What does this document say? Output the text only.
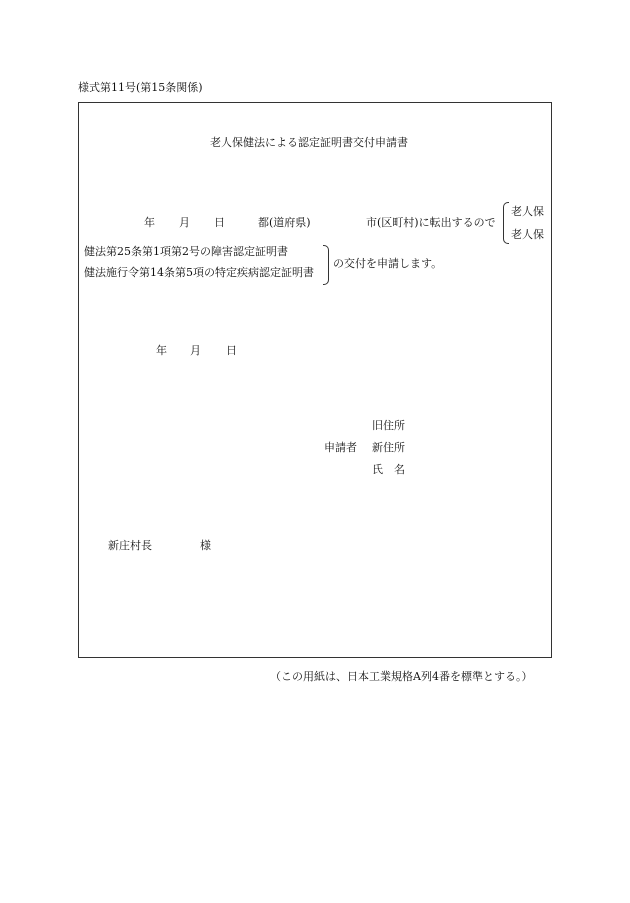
様式第11号(第15条関係)
老人保健法による認定証明書交付申請書
年 月 日	都(道府県)	市(区町村)に転出するので
老人保
老人保
健法第25条第1項第2号の障害認定証明書
健法施行令第14条第5項の特定疾病認定証明書
の交付を申請します。
年 月 日
旧住所
申請者 新住所
氏　名
新庄村長	様
（この用紙は、日本工業規格A列4番を標準とする。）
